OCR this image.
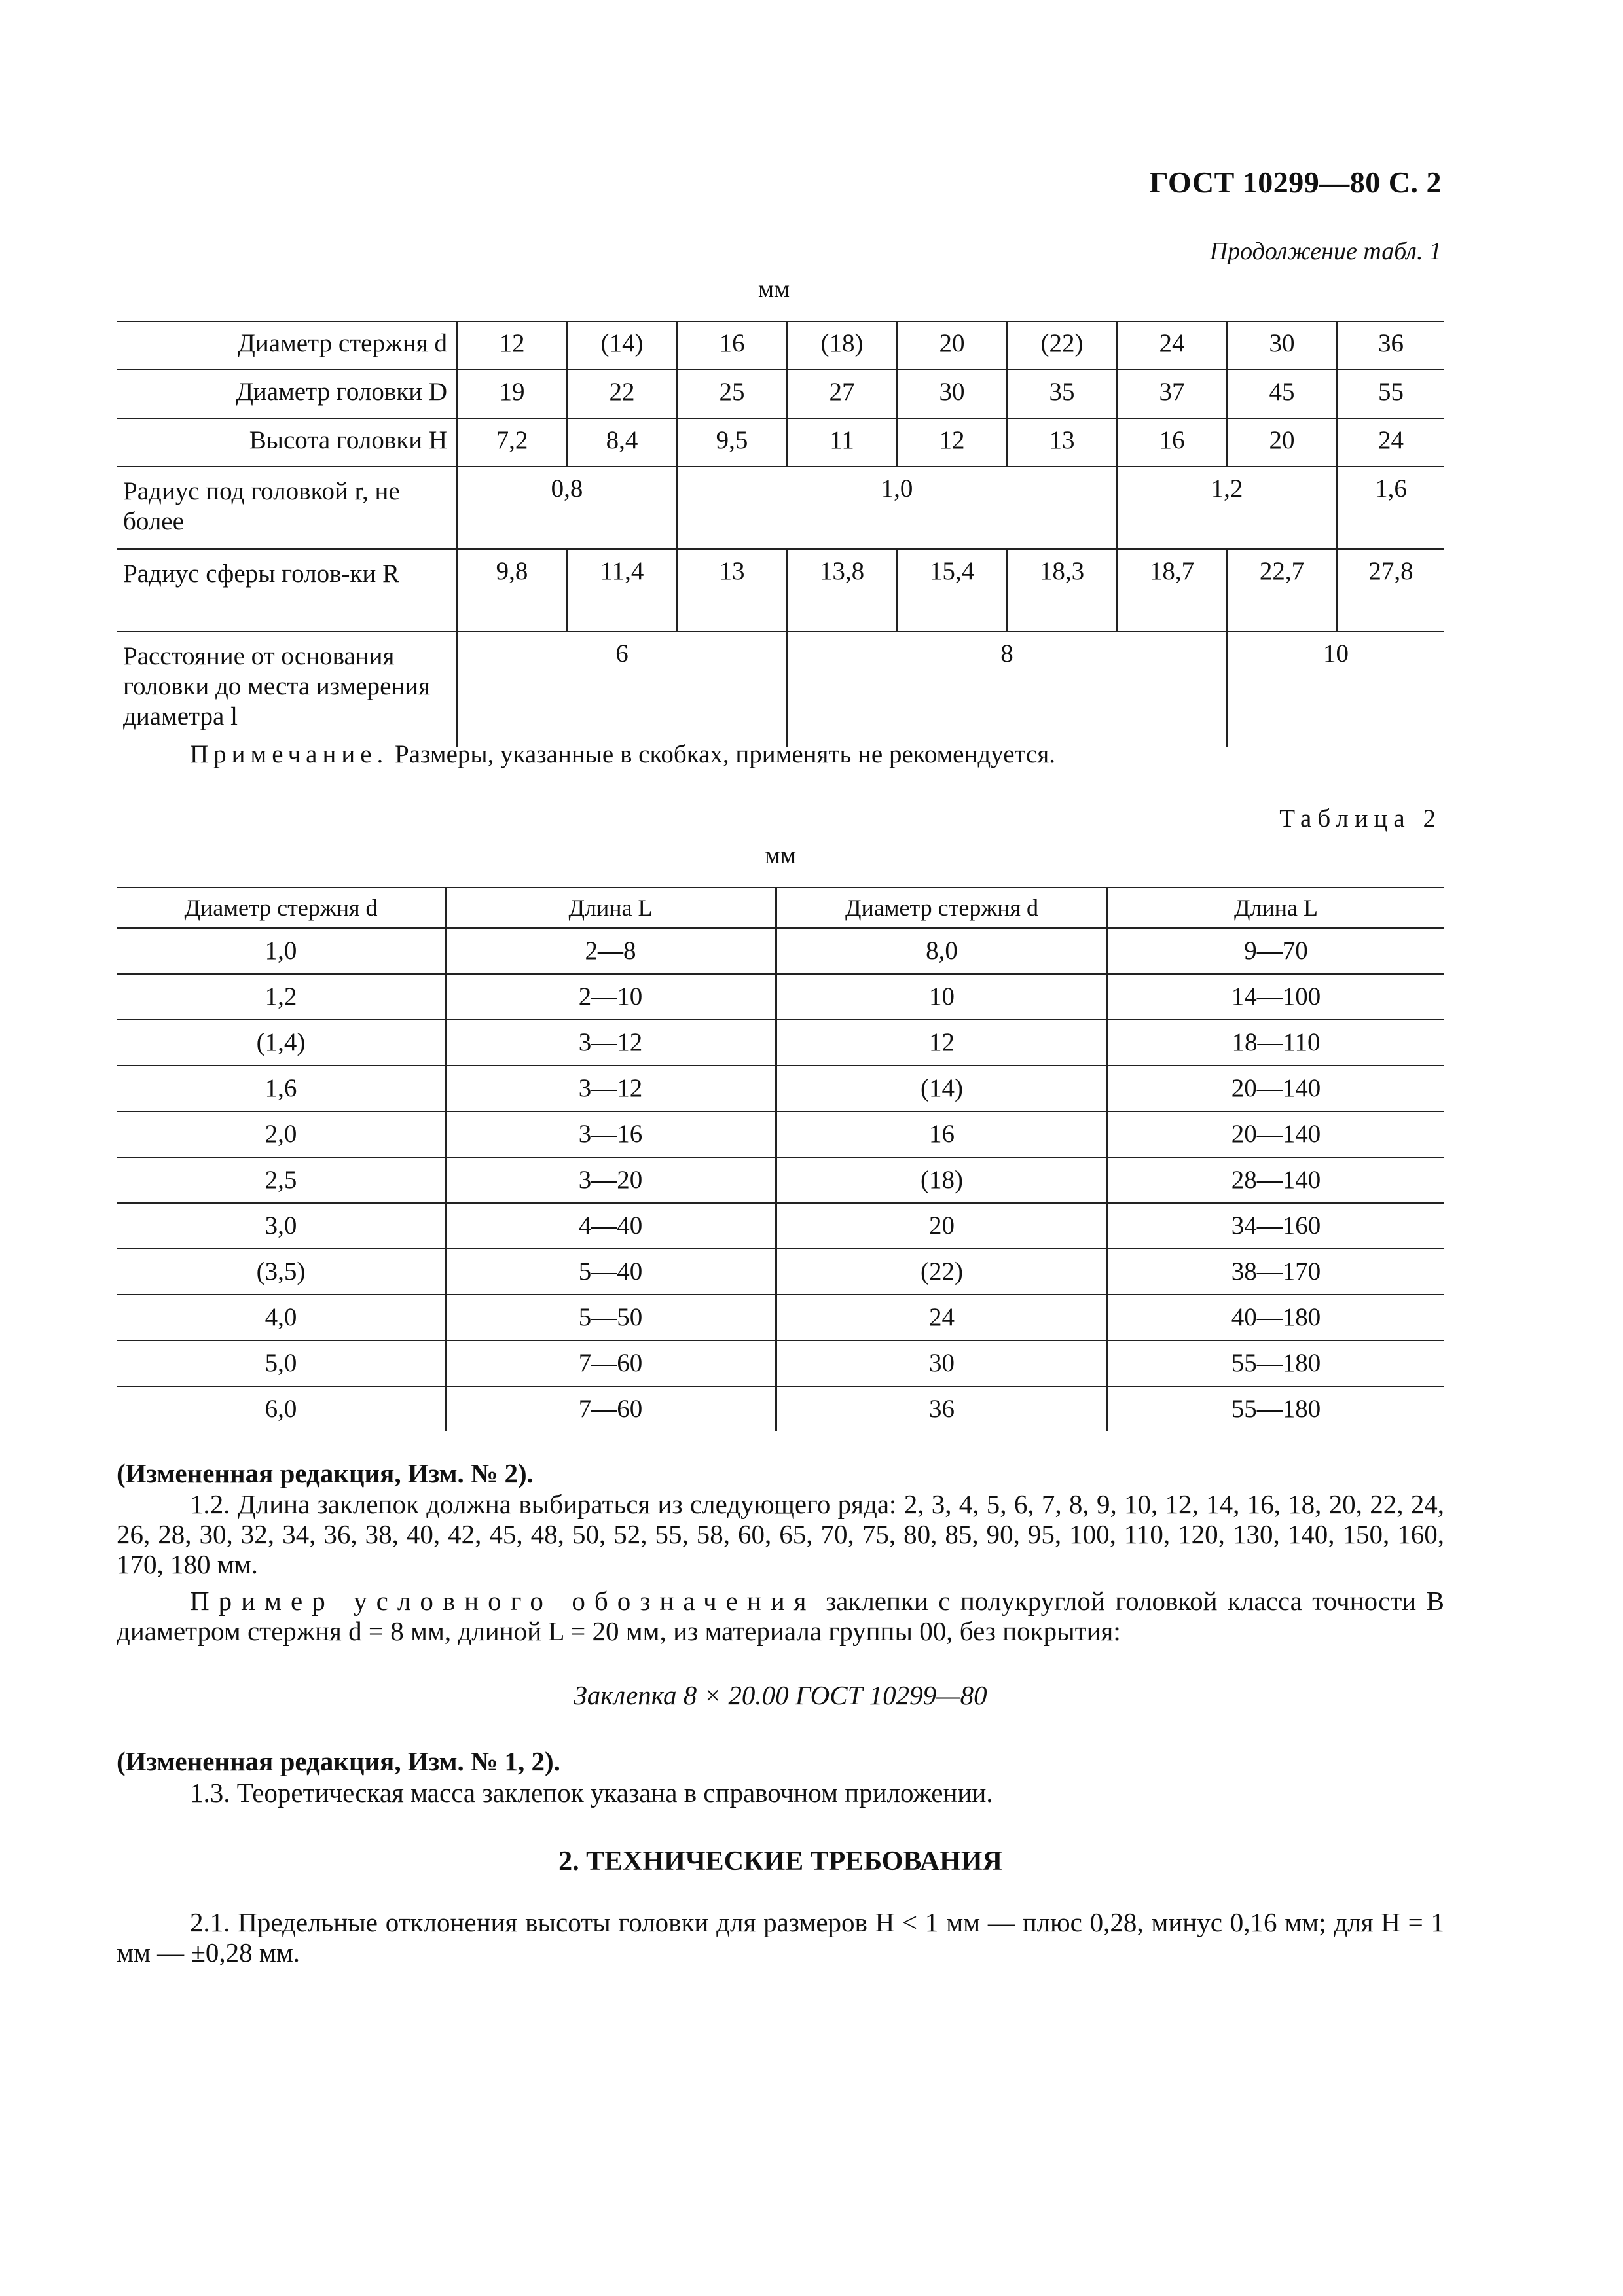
ГОСТ 10299—80 С. 2
Продолжение табл. 1
мм
Диаметр стержня d	12	(14)	16	(18)	20	(22)	24	30	36
Диаметр головки D	19	22	25	27	30	35	37	45	55
Высота головки H	7,2	8,4	9,5	11	12	13	16	20	24
Радиус под головкой r, не более	0,8		1,0				1,2		1,6
Радиус сферы голов-ки R	9,8	11,4	13	13,8	15,4	18,3	18,7	22,7	27,8
Расстояние от основания головки до места измерения диаметра l	6			8				10	
Примечание. Размеры, указанные в скобках, применять не рекомендуется.
Таблица 2
мм
Диаметр стержня d	Длина L	Диаметр стержня d	Длина L
1,0	2—8	8,0	9—70
1,2	2—10	10	14—100
(1,4)	3—12	12	18—110
1,6	3—12	(14)	20—140
2,0	3—16	16	20—140
2,5	3—20	(18)	28—140
3,0	4—40	20	34—160
(3,5)	5—40	(22)	38—170
4,0	5—50	24	40—180
5,0	7—60	30	55—180
6,0	7—60	36	55—180
(Измененная редакция, Изм. № 2).
1.2. Длина заклепок должна выбираться из следующего ряда: 2, 3, 4, 5, 6, 7, 8, 9, 10, 12, 14, 16, 18, 20, 22, 24, 26, 28, 30, 32, 34, 36, 38, 40, 42, 45, 48, 50, 52, 55, 58, 60, 65, 70, 75, 80, 85, 90, 95, 100, 110, 120, 130, 140, 150, 160, 170, 180 мм.
Пример условного обозначения заклепки с полукруглой головкой класса точности В диаметром стержня d = 8 мм, длиной L = 20 мм, из материала группы 00, без покрытия:
Заклепка 8 × 20.00 ГОСТ 10299—80
(Измененная редакция, Изм. № 1, 2).
1.3. Теоретическая масса заклепок указана в справочном приложении.
2. ТЕХНИЧЕСКИЕ ТРЕБОВАНИЯ
2.1. Предельные отклонения высоты головки для размеров H < 1 мм — плюс 0,28, минус 0,16 мм; для H = 1 мм — ±0,28 мм.
